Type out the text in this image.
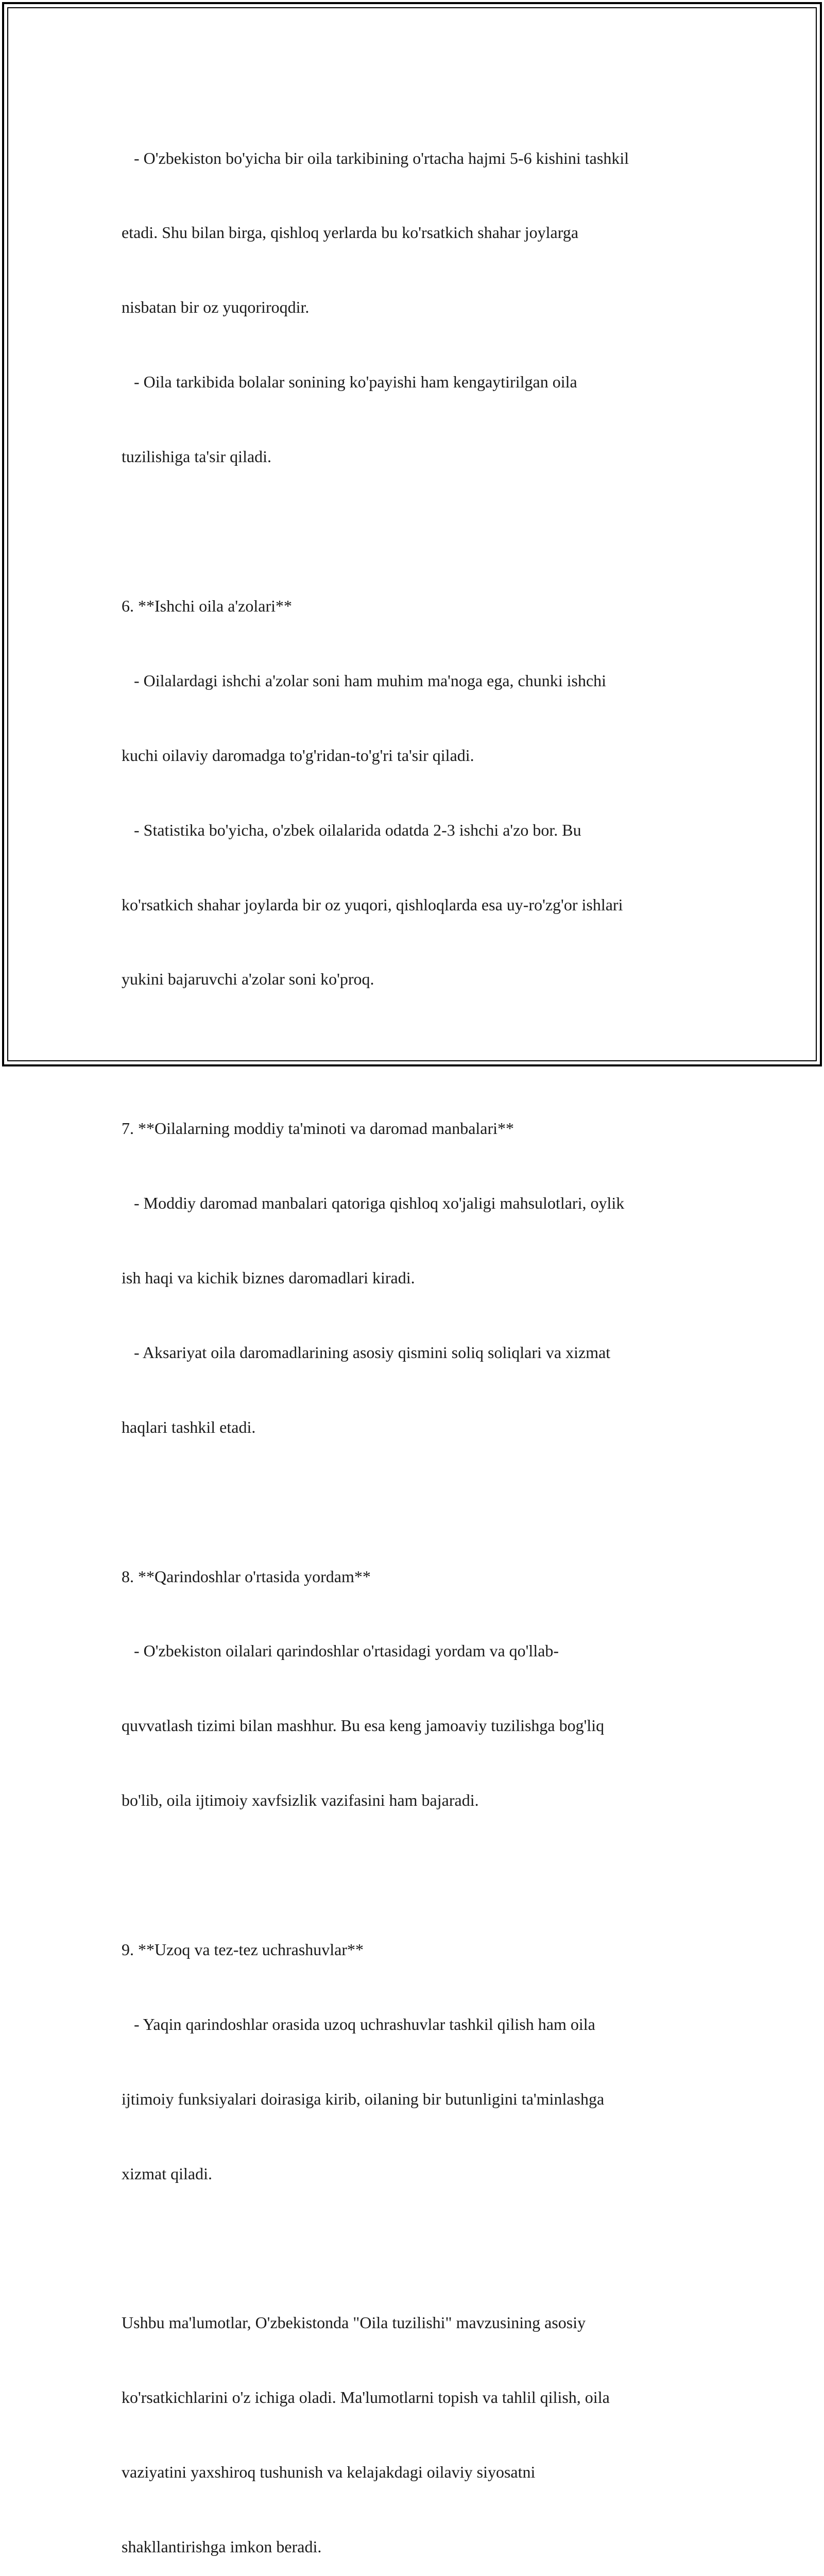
- O'zbekiston bo'yicha bir oila tarkibining o'rtacha hajmi 5-6 kishini tashkil

etadi. Shu bilan birga, qishloq yerlarda bu ko'rsatkich shahar joylarga

nisbatan bir oz yuqoriroqdir.

- Oila tarkibida bolalar sonining ko'payishi ham kengaytirilgan oila

tuzilishiga ta'sir qiladi.

6. **Ishchi oila a'zolari**

- Oilalardagi ishchi a'zolar soni ham muhim ma'noga ega, chunki ishchi

kuchi oilaviy daromadga to'g'ridan-to'g'ri ta'sir qiladi.

- Statistika bo'yicha, o'zbek oilalarida odatda 2-3 ishchi a'zo bor. Bu

ko'rsatkich shahar joylarda bir oz yuqori, qishloqlarda esa uy-ro'zg'or ishlari

yukini bajaruvchi a'zolar soni ko'proq.

7. **Oilalarning moddiy ta'minoti va daromad manbalari**

- Moddiy daromad manbalari qatoriga qishloq xo'jaligi mahsulotlari, oylik

ish haqi va kichik biznes daromadlari kiradi.

- Aksariyat oila daromadlarining asosiy qismini soliq soliqlari va xizmat

haqlari tashkil etadi.

8. **Qarindoshlar o'rtasida yordam**

- O'zbekiston oilalari qarindoshlar o'rtasidagi yordam va qo'llab-

quvvatlash tizimi bilan mashhur. Bu esa keng jamoaviy tuzilishga bog'liq

bo'lib, oila ijtimoiy xavfsizlik vazifasini ham bajaradi.

9. **Uzoq va tez-tez uchrashuvlar**

- Yaqin qarindoshlar orasida uzoq uchrashuvlar tashkil qilish ham oila

ijtimoiy funksiyalari doirasiga kirib, oilaning bir butunligini ta'minlashga

xizmat qiladi.

Ushbu ma'lumotlar, O'zbekistonda "Oila tuzilishi" mavzusining asosiy

ko'rsatkichlarini o'z ichiga oladi. Ma'lumotlarni topish va tahlil qilish, oila

vaziyatini yaxshiroq tushunish va kelajakdagi oilaviy siyosatni

shakllantirishga imkon beradi.
